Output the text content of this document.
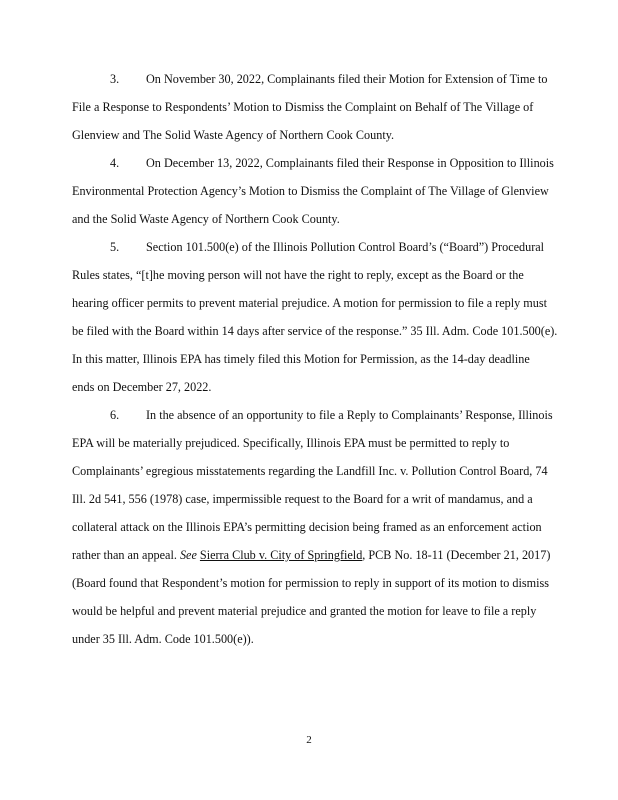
3. On November 30, 2022, Complainants filed their Motion for Extension of Time to
File a Response to Respondents’ Motion to Dismiss the Complaint on Behalf of The Village of
Glenview and The Solid Waste Agency of Northern Cook County.
4. On December 13, 2022, Complainants filed their Response in Opposition to Illinois
Environmental Protection Agency’s Motion to Dismiss the Complaint of The Village of Glenview
and the Solid Waste Agency of Northern Cook County.
5. Section 101.500(e) of the Illinois Pollution Control Board’s (“Board”) Procedural
Rules states, “[t]he moving person will not have the right to reply, except as the Board or the
hearing officer permits to prevent material prejudice. A motion for permission to file a reply must
be filed with the Board within 14 days after service of the response.” 35 Ill. Adm. Code 101.500(e).
In this matter, Illinois EPA has timely filed this Motion for Permission, as the 14-day deadline
ends on December 27, 2022.
6. In the absence of an opportunity to file a Reply to Complainants’ Response, Illinois
EPA will be materially prejudiced. Specifically, Illinois EPA must be permitted to reply to
Complainants’ egregious misstatements regarding the Landfill Inc. v. Pollution Control Board, 74
Ill. 2d 541, 556 (1978) case, impermissible request to the Board for a writ of mandamus, and a
collateral attack on the Illinois EPA’s permitting decision being framed as an enforcement action
rather than an appeal. See Sierra Club v. City of Springfield, PCB No. 18-11 (December 21, 2017)
(Board found that Respondent’s motion for permission to reply in support of its motion to dismiss
would be helpful and prevent material prejudice and granted the motion for leave to file a reply
under 35 Ill. Adm. Code 101.500(e)).
2
